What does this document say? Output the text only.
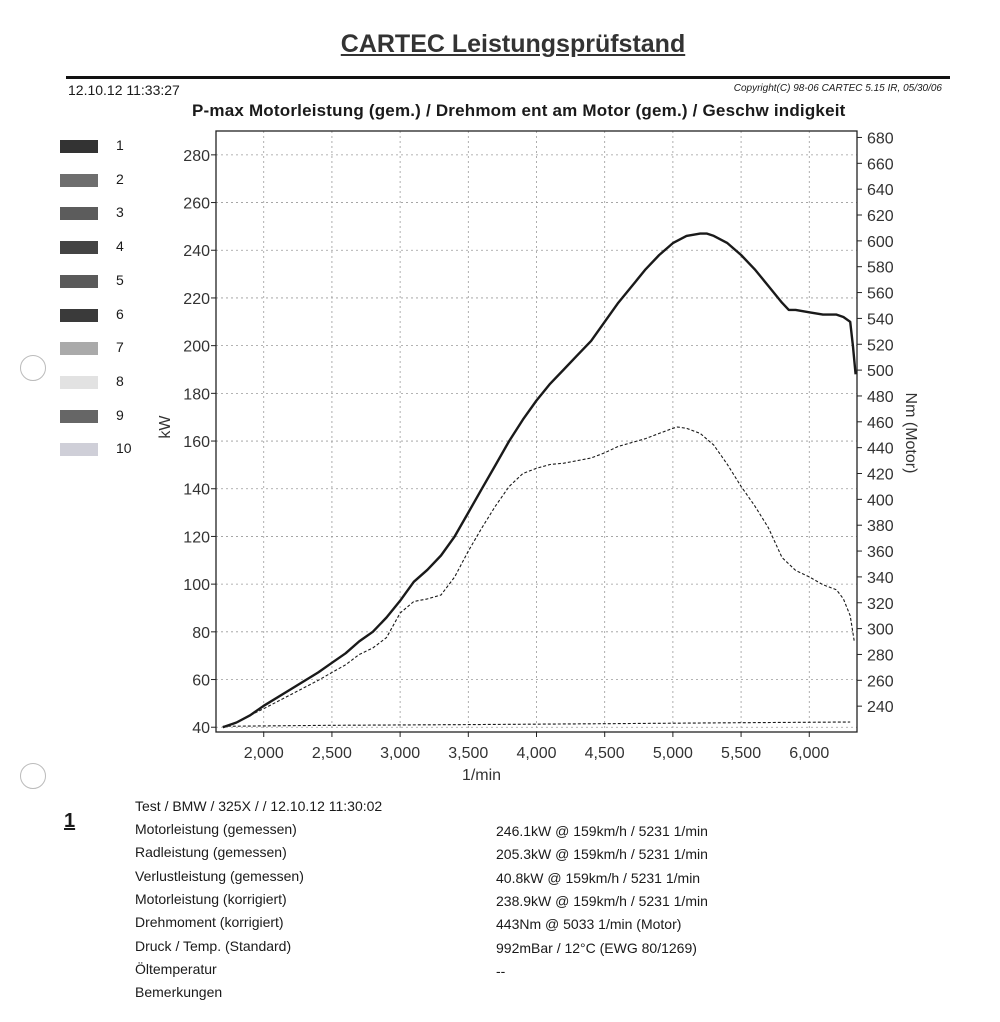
CARTEC Leistungsprüfstand
12.10.12 11:33:27	Copyright(C) 98-06 CARTEC 5.15 IR, 05/30/06
P-max Motorleistung (gem.) / Drehmom ent am Motor (gem.) / Geschw indigkeit
40
60
80
100
120
140
160
180
200
220
240
260
280
240
260
280
300
320
340
360
380
400
420
440
460
480
500
520
540
560
580
600
620
640
660
680
2,000 2,500 3,000 3,500 4,000 4,500 5,000 5,500 6,000
1/min
kW	Nm (Motor)
1
2
3
4
5
6
7
8
9
10
1
Test / BMW / 325X / / 12.10.12 11:30:02
Motorleistung (gemessen)	246.1kW @ 159km/h / 5231 1/min
Radleistung (gemessen)	205.3kW @ 159km/h / 5231 1/min
Verlustleistung (gemessen)	40.8kW @ 159km/h / 5231 1/min
Motorleistung (korrigiert)	238.9kW @ 159km/h / 5231 1/min
Drehmoment (korrigiert)	443Nm @ 5033 1/min (Motor)
Druck / Temp. (Standard)	992mBar / 12°C (EWG 80/1269)
Öltemperatur	--
Bemerkungen
